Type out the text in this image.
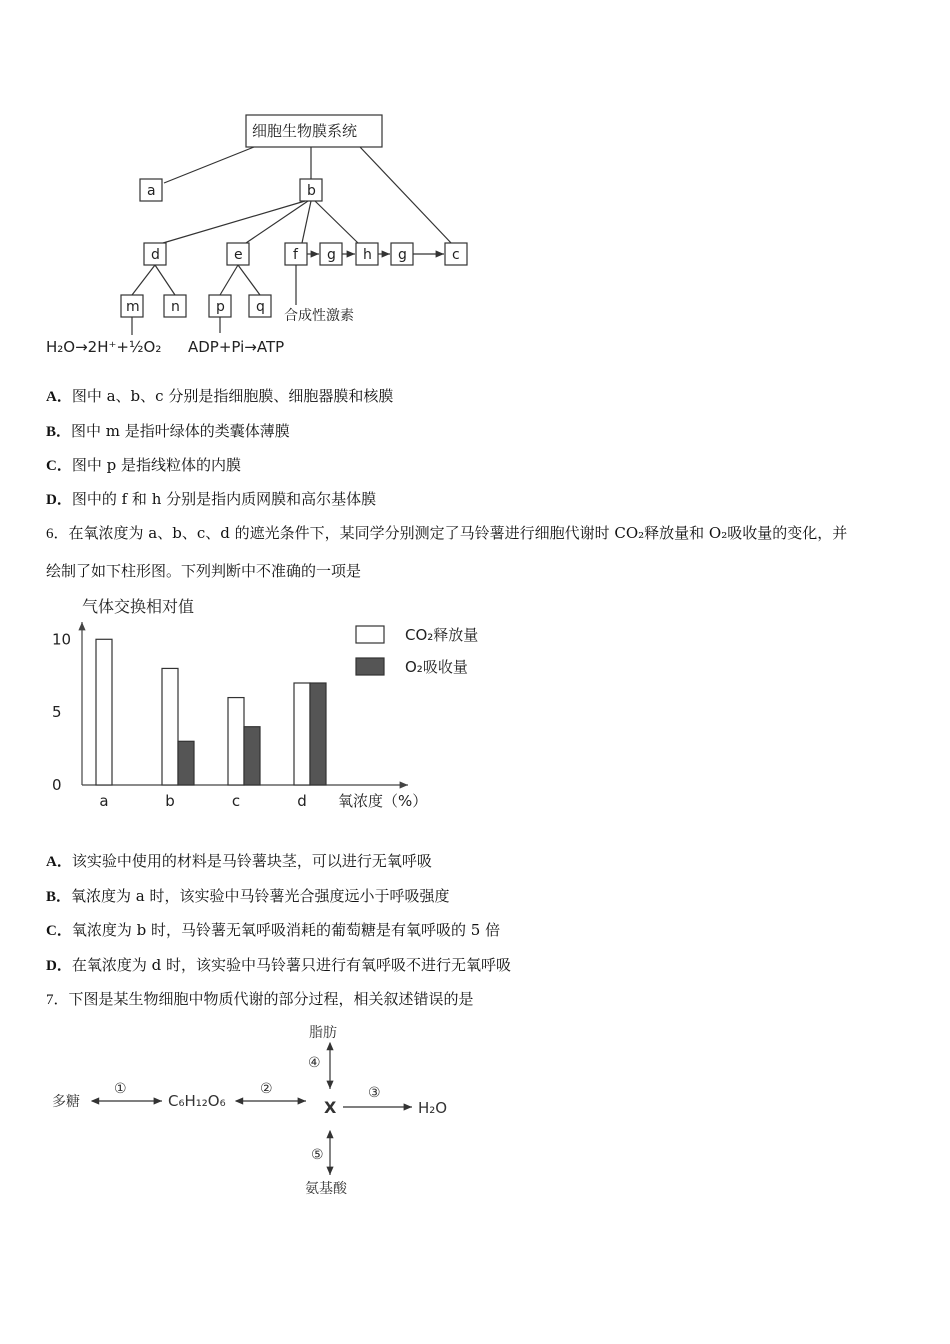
细胞生物膜系统
a	b
d	e	f g h g	c
m n	p q
合成性激素
H₂O→2H⁺+½O₂ ADP+Pi→ATP
A．图中 a、b、c 分别是指细胞膜、细胞器膜和核膜
B．图中 m 是指叶绿体的类囊体薄膜
C．图中 p 是指线粒体的内膜
D．图中的 f 和 h 分别是指内质网膜和高尔基体膜
6．在氧浓度为 a、b、c、d 的遮光条件下，某同学分别测定了马铃薯进行细胞代谢时 CO₂释放量和 O₂吸收量的变化，并
绘制了如下柱形图。下列判断中不准确的一项是
气体交换相对值
0
5
10
a	b	c	d 氧浓度（%）
CO₂释放量
O₂吸收量
A．该实验中使用的材料是马铃薯块茎，可以进行无氧呼吸
B．氧浓度为 a 时，该实验中马铃薯光合强度远小于呼吸强度
C．氧浓度为 b 时，马铃薯无氧呼吸消耗的葡萄糖是有氧呼吸的 5 倍
D．在氧浓度为 d 时，该实验中马铃薯只进行有氧呼吸不进行无氧呼吸
7．下图是某生物细胞中物质代谢的部分过程，相关叙述错误的是
多糖	C₆H₁₂O₆	X	H₂O
脂肪
氨基酸
①	②	③
④
⑤
